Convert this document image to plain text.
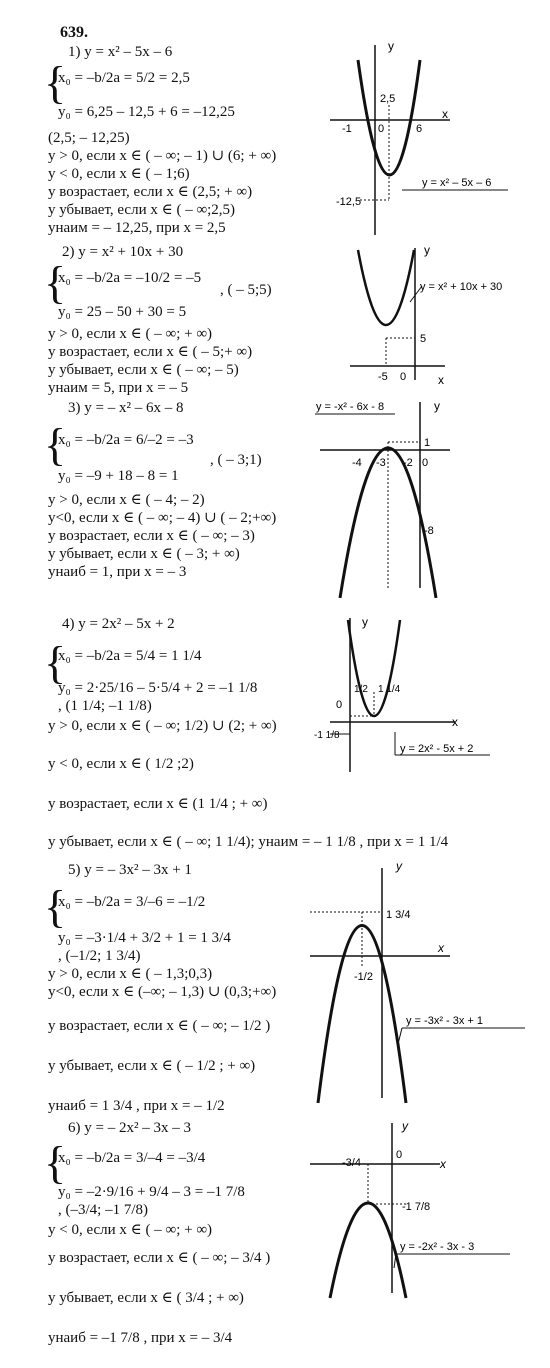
639.
1) y = x² – 5x – 6
{
x₀ = –b/2a = 5/2 = 2,5
y₀ = 6,25 – 12,5 + 6 = –12,25
(2,5; – 12,25)
y > 0, если x ∈ ( – ∞; – 1) ∪ (6; + ∞)
y < 0, если x ∈ ( – 1;6)
y возрастает, если x ∈ (2,5; + ∞)
y убывает, если x ∈ ( – ∞;2,5)
yнаим = – 12,25, при x = 2,5
y
x
2,5
-1 0	6
-12,5
y = x² – 5x – 6
2) y = x² + 10x + 30
{
x₀ = –b/2a = –10/2 = –5
, ( – 5;5)
y₀ = 25 – 50 + 30 = 5
y > 0, если x ∈ ( – ∞; + ∞)
y возрастает, если x ∈ ( – 5;+ ∞)
y убывает, если x ∈ ( – ∞; – 5)
yнаим = 5, при x = – 5
y
x
5
-5 0
y = x² + 10x + 30
3) y = – x² – 6x – 8
{
x₀ = –b/2a = 6/–2 = –3
, ( – 3;1)
y₀ = –9 + 18 – 8 = 1
y > 0, если x ∈ ( – 4; – 2)
y<0, если x ∈ ( – ∞; – 4) ∪ ( – 2;+∞)
y возрастает, если x ∈ ( – ∞; – 3)
y убывает, если x ∈ ( – 3; + ∞)
yнаиб = 1, при x = – 3
y
1
-4 -3 -2 0
-8
y = -x² - 6x - 8
4) y = 2x² – 5x + 2
{
x₀ = –b/2a = 5/4 = 1 1/4
y₀ = 2·25/16 – 5·5/4 + 2 = –1 1/8
, (1 1/4; –1 1/8)
y > 0, если x ∈ ( – ∞; 1/2) ∪ (2; + ∞)
y < 0, если x ∈ ( 1/2 ;2)
y возрастает, если x ∈ (1 1/4 ; + ∞)
y убывает, если x ∈ ( – ∞; 1 1/4); yнаим = – 1 1/8 , при x = 1 1/4
y
x
0
1/2 1 1/4
-1 1/8
y = 2x² - 5x + 2
5) y = – 3x² – 3x + 1
{
x₀ = –b/2a = 3/–6 = –1/2
y₀ = –3·1/4 + 3/2 + 1 = 1 3/4
, (–1/2; 1 3/4)
y > 0, если x ∈ ( – 1,3;0,3)
y<0, если x ∈ (–∞; – 1,3) ∪ (0,3;+∞)
y возрастает, если x ∈ ( – ∞; – 1/2 )
y убывает, если x ∈ ( – 1/2 ; + ∞)
yнаиб = 1 3/4 , при x = – 1/2
y
x
1 3/4
-1/2
y = -3x² - 3x + 1
6) y = – 2x² – 3x – 3
{
x₀ = –b/2a = 3/–4 = –3/4
y₀ = –2·9/16 + 9/4 – 3 = –1 7/8
, (–3/4; –1 7/8)
y < 0, если x ∈ ( – ∞; + ∞)
y возрастает, если x ∈ ( – ∞; – 3/4 )
y убывает, если x ∈ ( 3/4 ; + ∞)
yнаиб = –1 7/8 , при x = – 3/4
y
x
-3/4
0
-1 7/8
y = -2x² - 3x - 3
